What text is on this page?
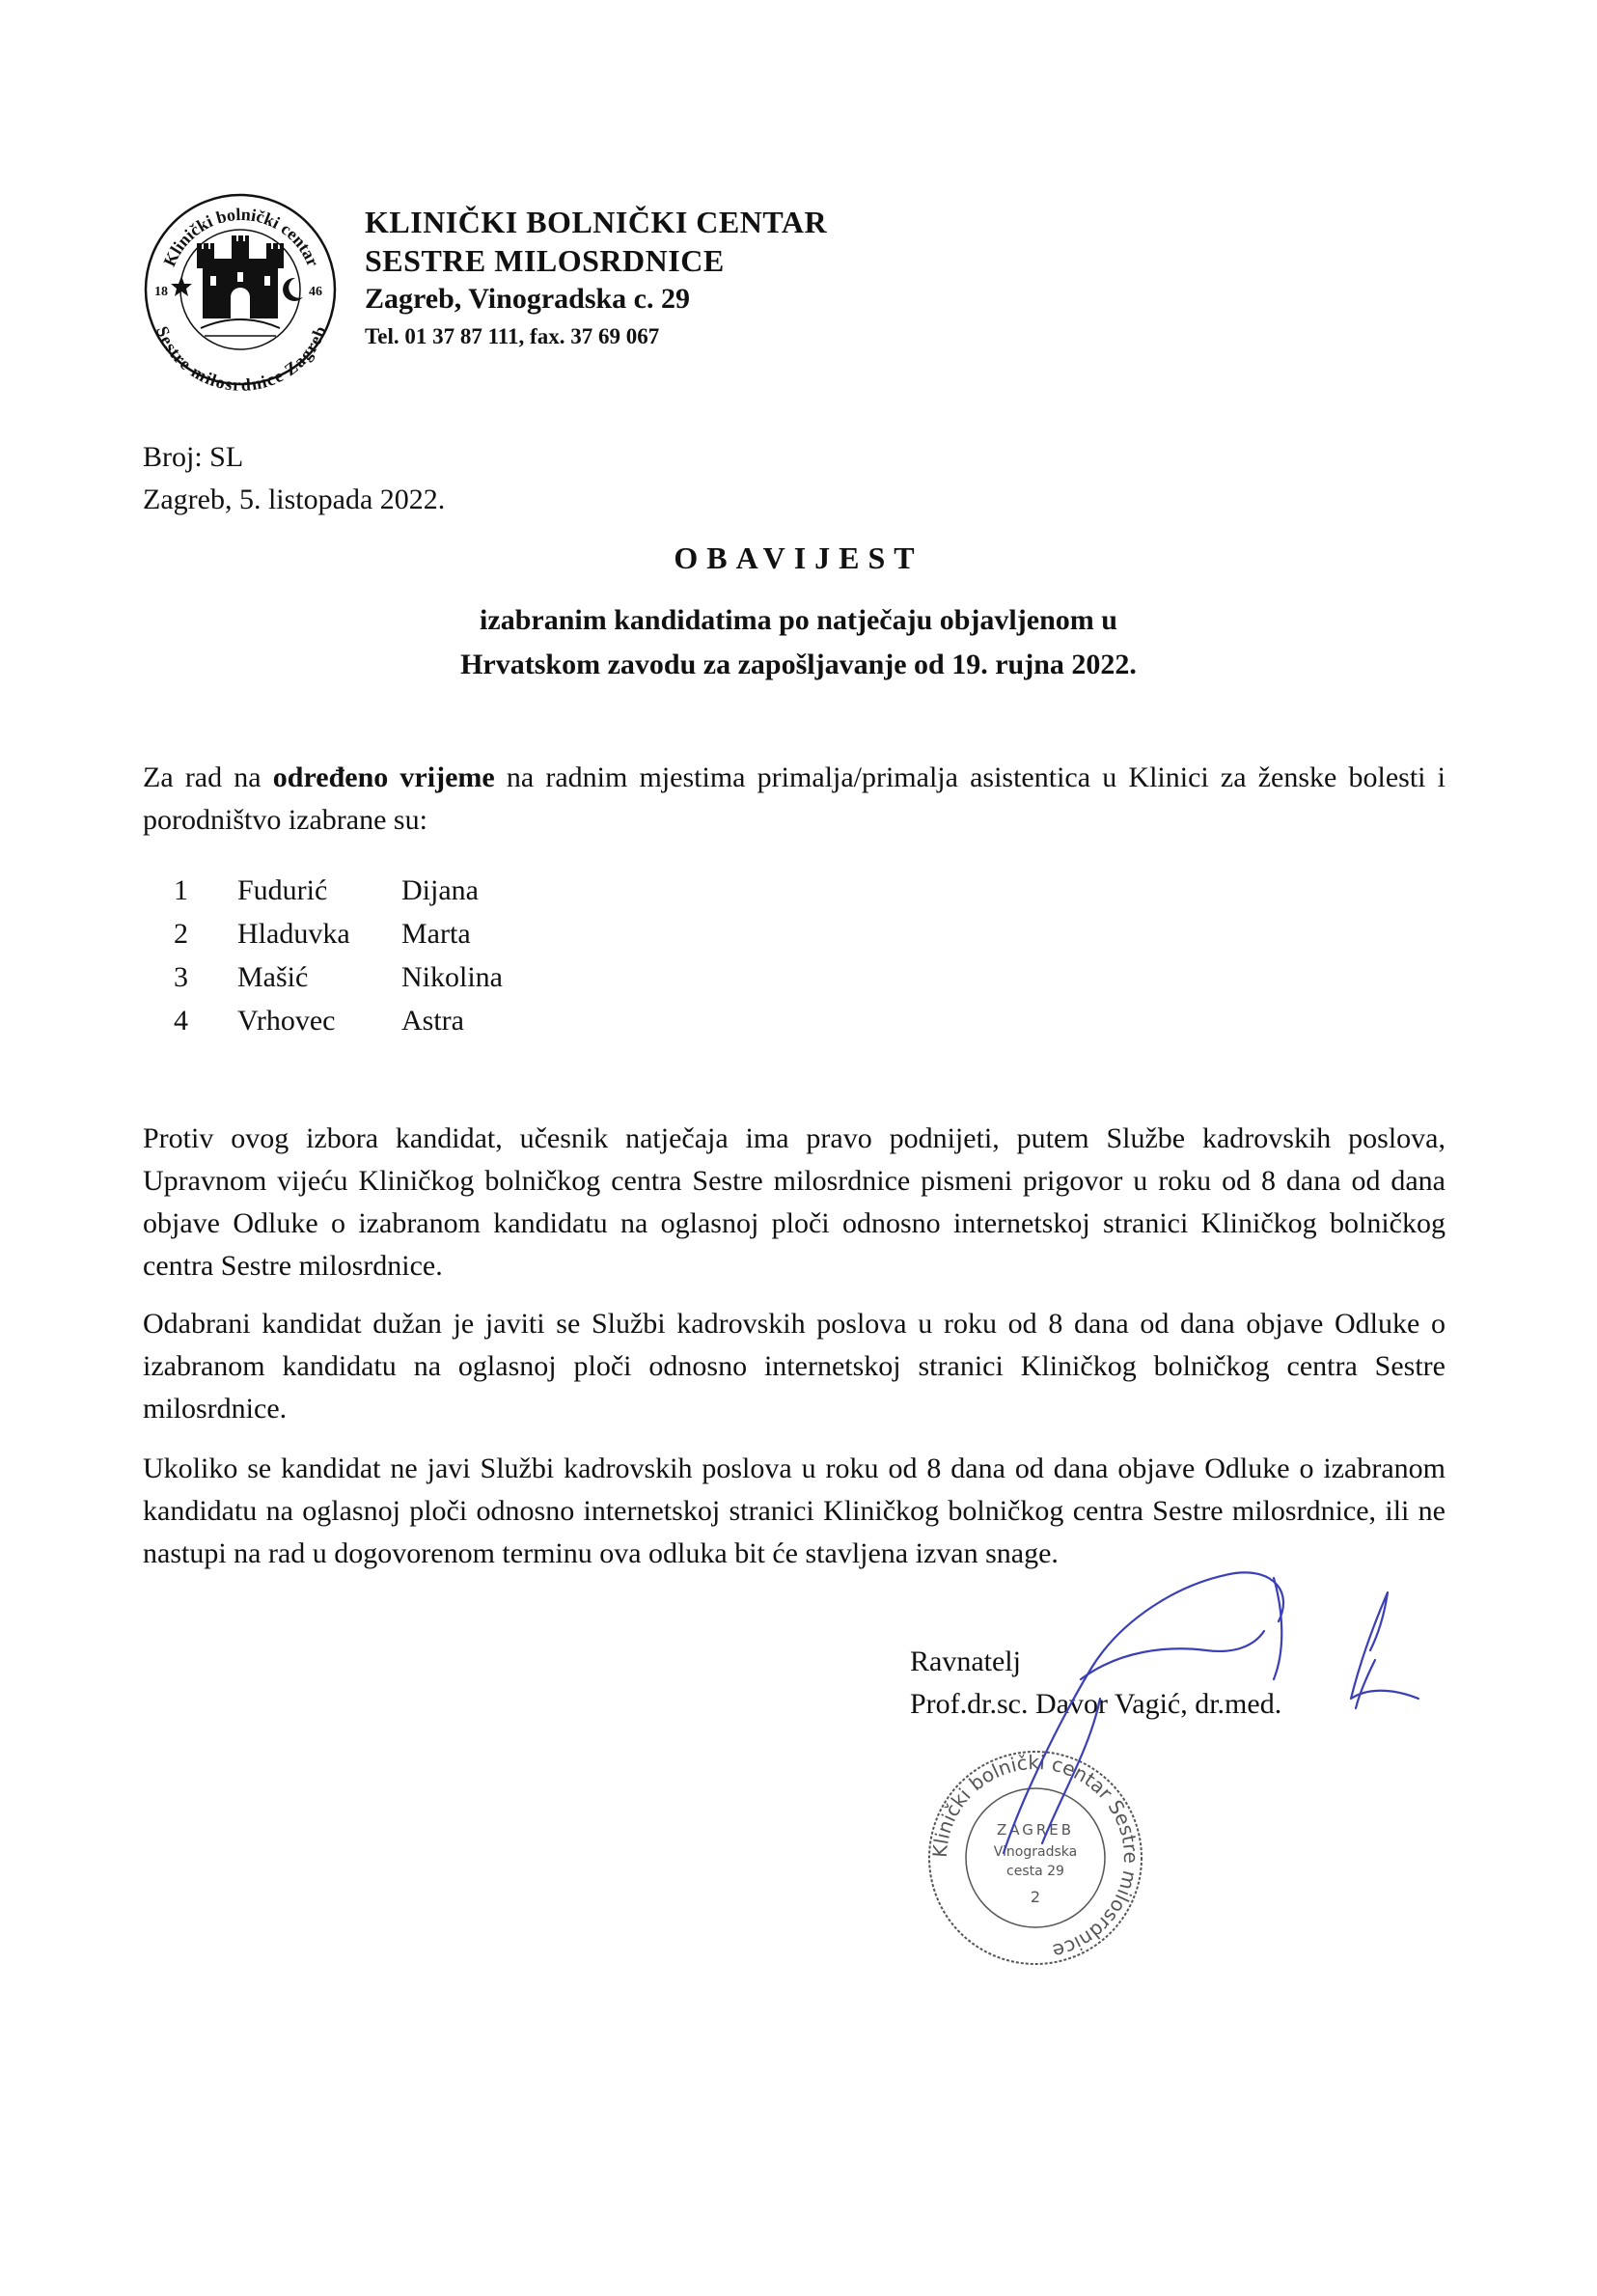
Klinički bolnički centar
Sestre milosrdnice Zagreb
18	46
KLINIČKI BOLNIČKI CENTAR
SESTRE MILOSRDNICE
Zagreb, Vinogradska c. 29
Tel. 01 37 87 111, fax. 37 69 067
Broj: SL
Zagreb, 5. listopada 2022.
OBAVIJEST
izabranim kandidatima po natječaju objavljenom u
Hrvatskom zavodu za zapošljavanje od 19. rujna 2022.
Za rad na određeno vrijeme na radnim mjestima primalja/primalja asistentica u Klinici za ženske bolesti i porodništvo izabrane su:
1	Fudurić	Dijana
2	Hladuvka	Marta
3	Mašić	Nikolina
4	Vrhovec	Astra
Protiv ovog izbora kandidat, učesnik natječaja ima pravo podnijeti, putem Službe kadrovskih poslova, Upravnom vijeću Kliničkog bolničkog centra Sestre milosrdnice pismeni prigovor u roku od 8 dana od dana objave Odluke o izabranom kandidatu na oglasnoj ploči odnosno internetskoj stranici Kliničkog bolničkog centra Sestre milosrdnice.
Odabrani kandidat dužan je javiti se Službi kadrovskih poslova u roku od 8 dana od dana objave Odluke o izabranom kandidatu na oglasnoj ploči odnosno internetskoj stranici Kliničkog bolničkog centra Sestre milosrdnice.
Ukoliko se kandidat ne javi Službi kadrovskih poslova u roku od 8 dana od dana objave Odluke o izabranom kandidatu na oglasnoj ploči odnosno internetskoj stranici Kliničkog bolničkog centra Sestre milosrdnice, ili ne nastupi na rad u dogovorenom terminu ova odluka bit će stavljena izvan snage.
Ravnatelj
Prof.dr.sc. Davor Vagić, dr.med.
Klinički bolnički centar Sestre milosrdnice
ZAGREB
Vinogradska
cesta 29
2
